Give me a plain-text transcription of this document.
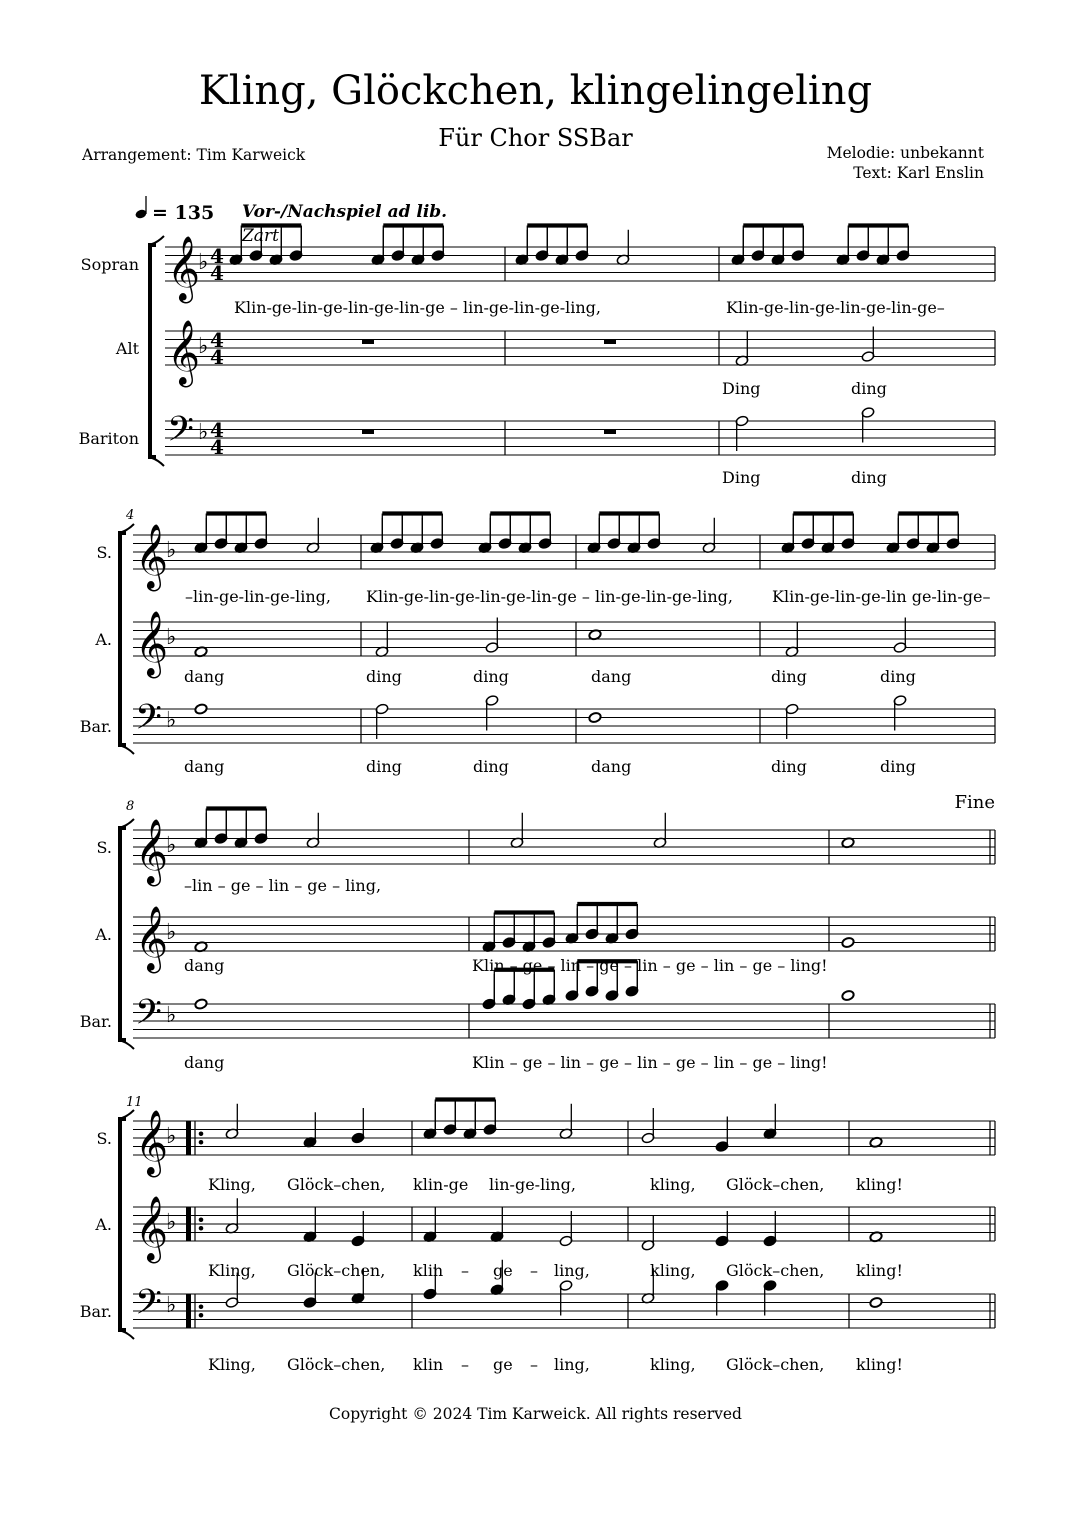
Kling, Glöckchen, klingelingeling
Für Chor SSBar
Arrangement: Tim Karweick	Melodie: unbekannt
Text: Karl Enslin
𝄞
𝄞
𝄢
♭
♭
♭
4
4
4
4
4
4
𝄞
𝄞
𝄢
♭
♭
♭
𝄞
𝄞
𝄢
♭
♭
♭
𝄞
𝄞
𝄢
♭
♭
♭
Sopran
Alt
Bariton
= 135 Vor-/Nachspiel ad lib.
Zart
Klin-ge-lin-ge-lin-ge-lin-ge – lin-ge-lin-ge-ling,	Klin-ge-lin-ge-lin-ge-lin-ge–
Ding	ding
Ding	ding
S.
A.
Bar.
4
–lin-ge-lin-ge-ling, Klin-ge-lin-ge-lin-ge-lin-ge – lin-ge-lin-ge-ling, Klin-ge-lin-ge-lin ge-lin-ge–
dang
dang
ding
ding
ding
ding
dang
dang
ding
ding
ding
ding
S.
A.
Bar.
8	Fine
–lin – ge – lin – ge – ling,
dang	Klin – ge – lin – ge – lin – ge – lin – ge – ling!
dang	Klin – ge – lin – ge – lin – ge – lin – ge – ling!
S.
A.
Bar.
11
Kling, Glöck–chen, klin-ge lin-ge-ling,	kling, Glöck–chen, kling!
Kling,
Kling,
Glöck–chen,
Glöck–chen,
klin
klin
–
–
ge
ge
–
–
ling,
ling,
kling,
kling,
Glöck–chen,
Glöck–chen,
kling!
kling!
Copyright © 2024 Tim Karweick. All rights reserved
